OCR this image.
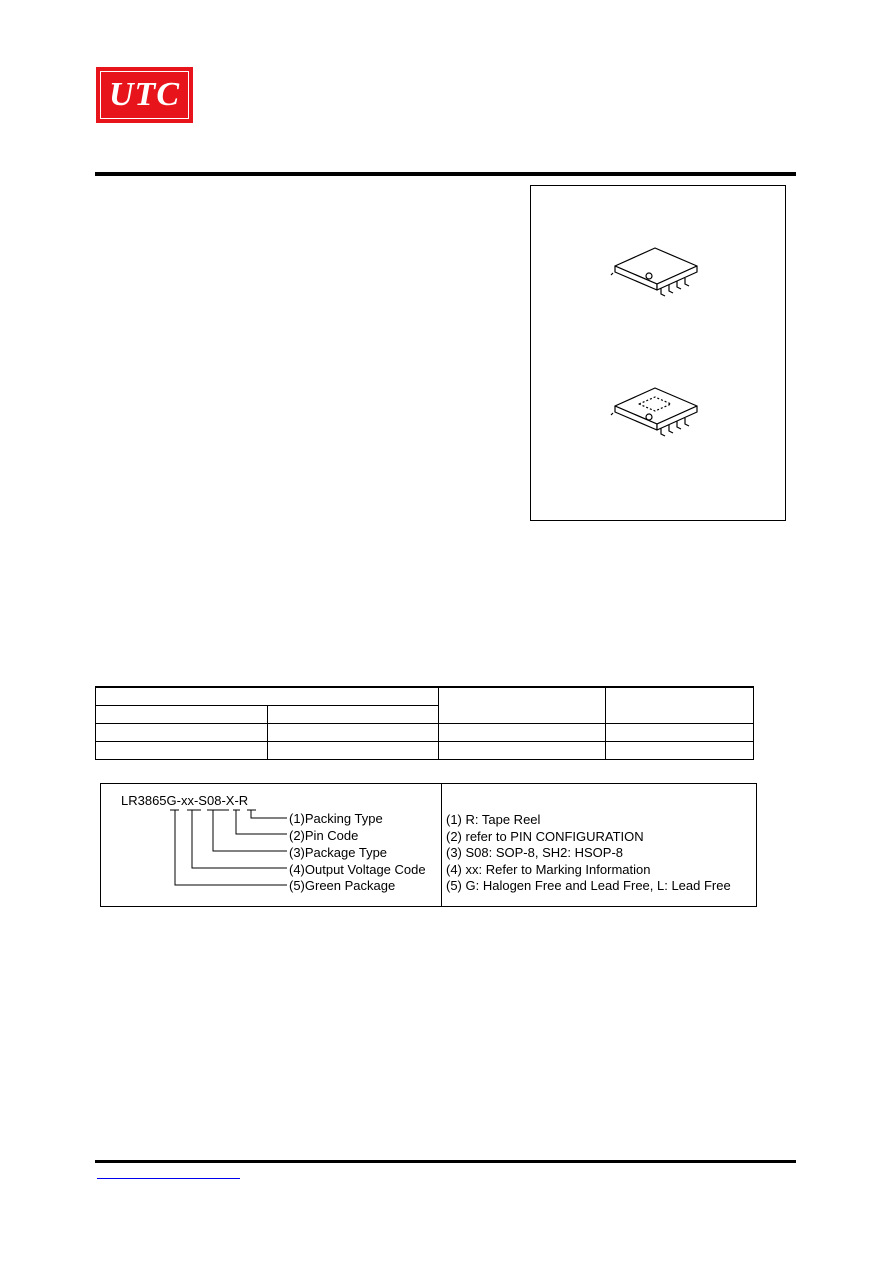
UTC

LR3865G-xx-S08-X-R
(1)Packing Type
(2)Pin Code
(3)Package Type
(4)Output Voltage Code
(5)Green Package
(1) R: Tape Reel
(2) refer to PIN CONFIGURATION
(3) S08: SOP-8, SH2: HSOP-8
(4) xx: Refer to Marking Information
(5) G: Halogen Free and Lead Free, L: Lead Free
